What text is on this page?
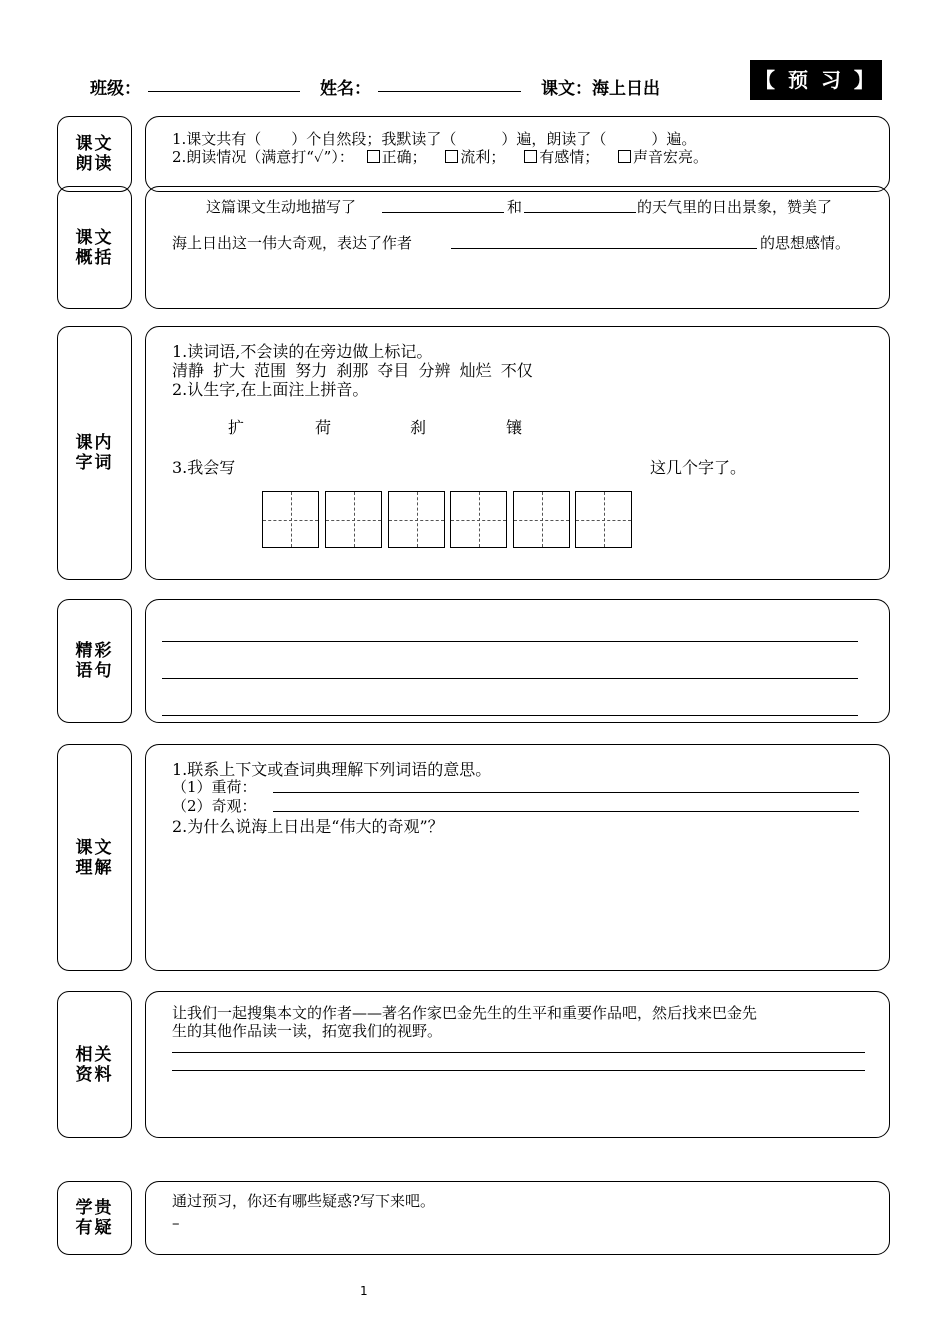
班级：	姓名：	课文：海上日出	【 预 习 】
课文朗读
1.课文共有（　　）个自然段；我默读了（　　　）遍，朗读了（　　　）遍。
2.朗读情况（满意打“✓”）： 正确； 流利； 有感情； 声音宏亮。
课文概括
这篇课文生动地描写了	和	的天气里的日出景象，赞美了
海上日出这一伟大奇观，表达了作者	的思想感情。
课内字词
1.读词语,不会读的在旁边做上标记。
清静 扩大 范围 努力 刹那 夺目 分辨 灿烂 不仅
2.认生字,在上面注上拼音。
扩	荷	刹	镶
3.我会写	这几个字了。
精彩语句
课文理解
1.联系上下文或查词典理解下列词语的意思。
（1）重荷：
（2）奇观：
2.为什么说海上日出是“伟大的奇观”？
相关资料
让我们一起搜集本文的作者——著名作家巴金先生的生平和重要作品吧，然后找来巴金先
生的其他作品读一读，拓宽我们的视野。
学贵有疑
通过预习，你还有哪些疑惑?写下来吧。
–
1
